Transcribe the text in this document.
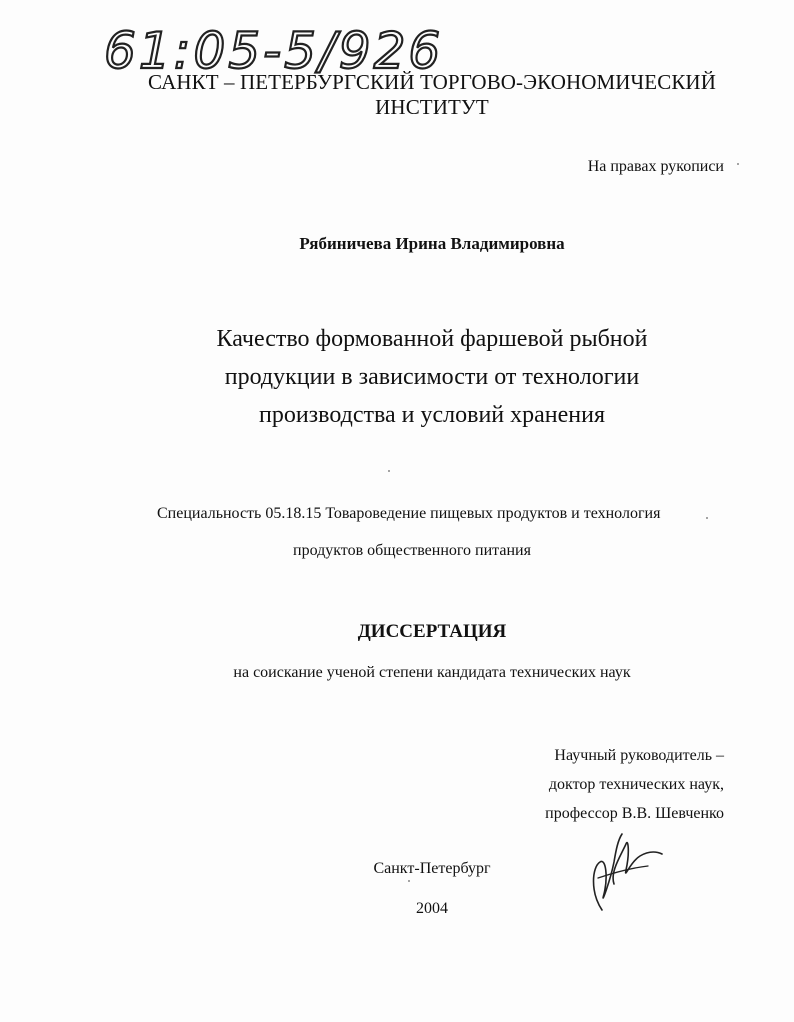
61:05-5/926
САНКТ – ПЕТЕРБУРГСКИЙ ТОРГОВО-ЭКОНОМИЧЕСКИЙ
ИНСТИТУТ
На правах рукописи
Рябиничева Ирина Владимировна
Качество формованной фаршевой рыбной
продукции в зависимости от технологии
производства и условий хранения
Специальность 05.18.15 Товароведение пищевых продуктов и технология
продуктов общественного питания
ДИССЕРТАЦИЯ
на соискание ученой степени кандидата технических наук
Научный руководитель –
доктор технических наук,
профессор В.В. Шевченко
Санкт-Петербург
2004
